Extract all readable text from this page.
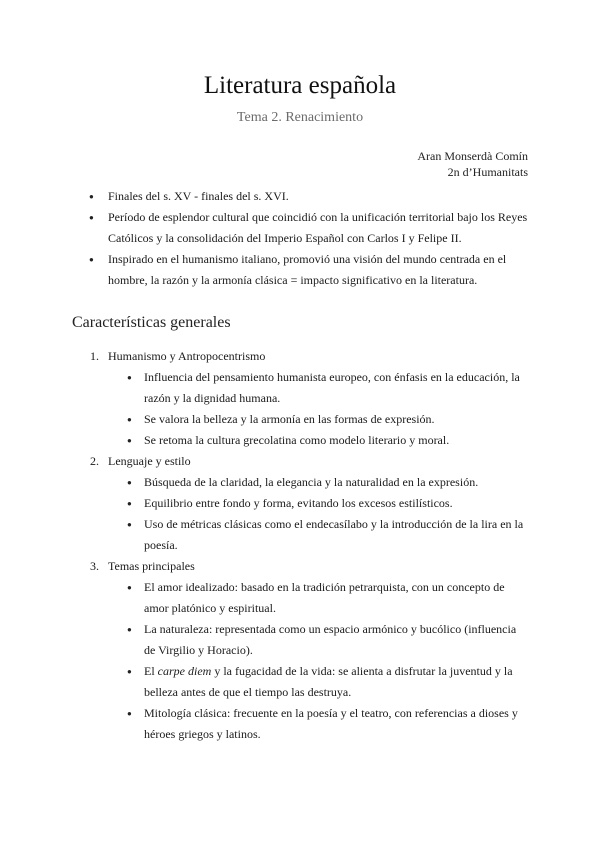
Literatura española

Tema 2. Renacimiento

Aran Monserdà Comín
2n d’Humanitats
● Finales del s. XV - finales del s. XVI.
● Período de esplendor cultural que coincidió con la unificación territorial bajo los Reyes Católicos y la consolidación del Imperio Español con Carlos I y Felipe II.
● Inspirado en el humanismo italiano, promovió una visión del mundo centrada en el hombre, la razón y la armonía clásica = impacto significativo en la literatura.
Características generales
1. Humanismo y Antropocentrismo
● Influencia del pensamiento humanista europeo, con énfasis en la educación, la razón y la dignidad humana.
● Se valora la belleza y la armonía en las formas de expresión.
● Se retoma la cultura grecolatina como modelo literario y moral.
2. Lenguaje y estilo
● Búsqueda de la claridad, la elegancia y la naturalidad en la expresión.
● Equilibrio entre fondo y forma, evitando los excesos estilísticos.
● Uso de métricas clásicas como el endecasílabo y la introducción de la lira en la poesía.
3. Temas principales
● El amor idealizado: basado en la tradición petrarquista, con un concepto de amor platónico y espiritual.
● La naturaleza: representada como un espacio armónico y bucólico (influencia de Virgilio y Horacio).
● El carpe diem y la fugacidad de la vida: se alienta a disfrutar la juventud y la belleza antes de que el tiempo las destruya.
● Mitología clásica: frecuente en la poesía y el teatro, con referencias a dioses y héroes griegos y latinos.
